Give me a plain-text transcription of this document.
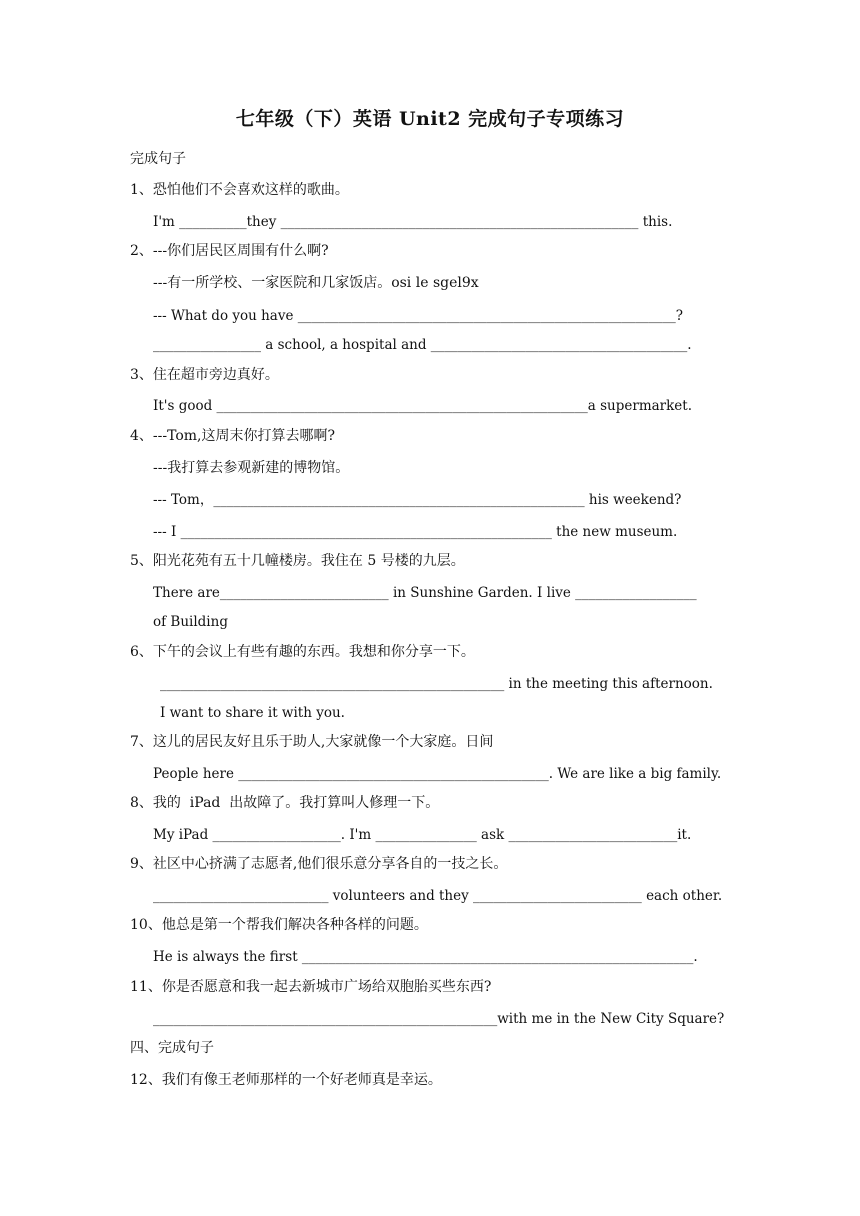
七年级（下）英语 Unit2 完成句子专项练习
完成句子
1、恐怕他们不会喜欢这样的歌曲。
I'm __________they _____________________________________________________ this.
2、---你们居民区周围有什么啊?
---有一所学校、一家医院和几家饭店。osi le sgel9x
--- What do you have ________________________________________________________?
________________ a school, a hospital and ______________________________________.
3、住在超市旁边真好。
It's good _______________________________________________________a supermarket.
4、---Tom,这周末你打算去哪啊?
---我打算去参观新建的博物馆。
--- Tom，_______________________________________________________ his weekend?
--- I _______________________________________________________ the new museum.
5、阳光花苑有五十几幢楼房。我住在 5 号楼的九层。
There are_________________________ in Sunshine Garden. I live __________________
of Building
6、下午的会议上有些有趣的东西。我想和你分享一下。
___________________________________________________ in the meeting this afternoon.
I want to share it with you.
7、这儿的居民友好且乐于助人,大家就像一个大家庭。日间
People here ______________________________________________. We are like a big family.
8、我的  iPad  出故障了。我打算叫人修理一下。
My iPad ___________________. I'm _______________ ask _________________________it.
9、社区中心挤满了志愿者,他们很乐意分享各自的一技之长。
__________________________ volunteers and they _________________________ each other.
10、他总是第一个帮我们解决各种各样的问题。
He is always the first __________________________________________________________.
11、你是否愿意和我一起去新城市广场给双胞胎买些东西?
___________________________________________________with me in the New City Square?
四、完成句子
12、我们有像王老师那样的一个好老师真是幸运。
